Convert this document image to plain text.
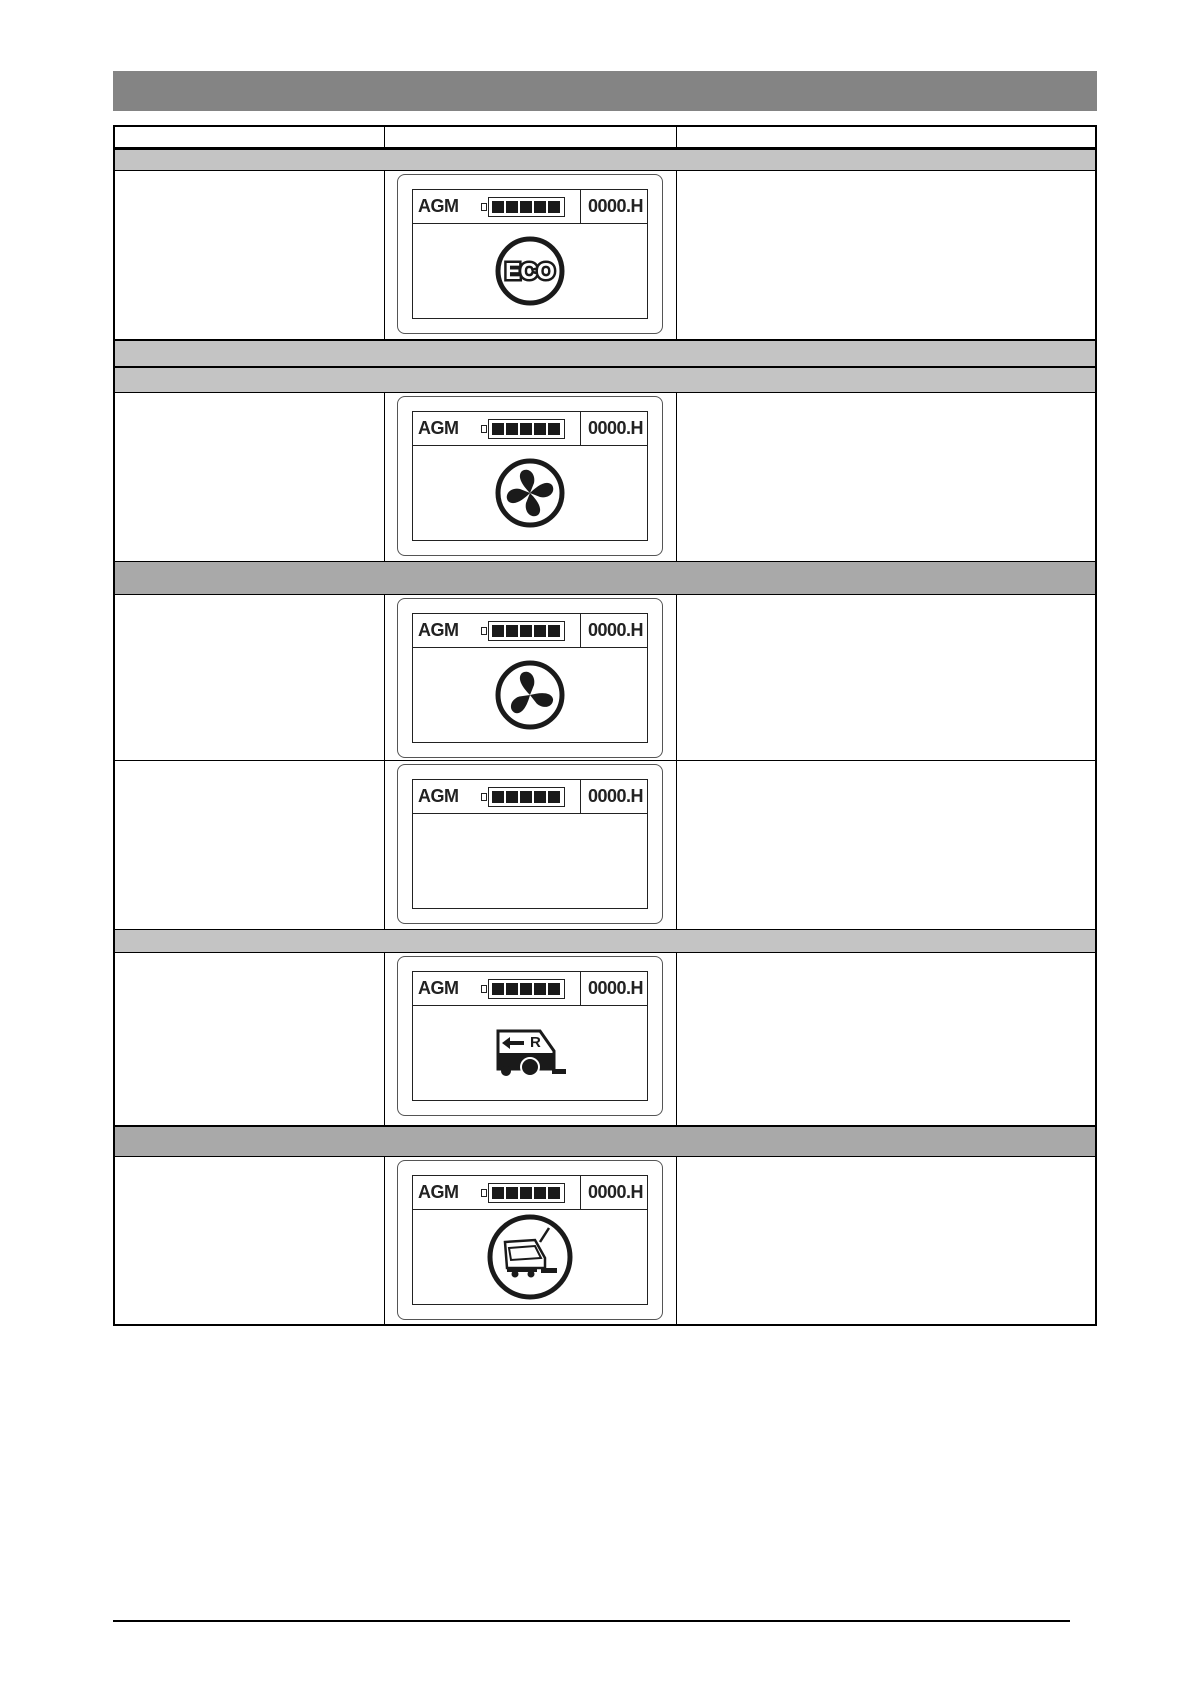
AGM	0000.H
ECO
AGM	0000.H
AGM	0000.H
AGM	0000.H
AGM	0000.H
R
AGM	0000.H
